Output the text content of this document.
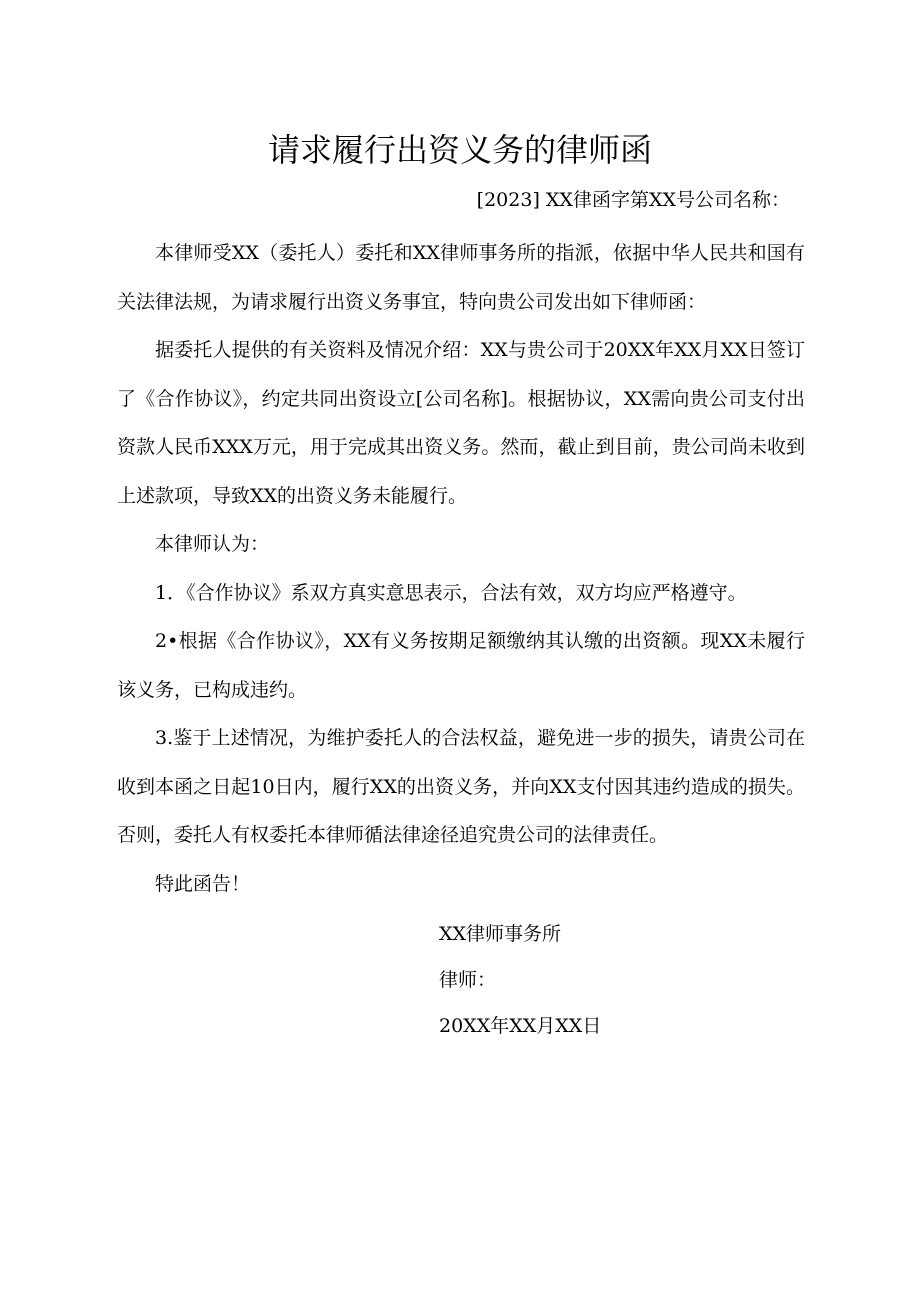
请求履行出资义务的律师函

[2023] XX律函字第XX号公司名称：

本律师受XX（委托人）委托和XX律师事务所的指派，依据中华人民共和国有关法律法规，为请求履行出资义务事宜，特向贵公司发出如下律师函：

据委托人提供的有关资料及情况介绍：XX与贵公司于20XX年XX月XX日签订了《合作协议》，约定共同出资设立[公司名称]。根据协议，XX需向贵公司支付出资款人民币XXX万元，用于完成其出资义务。然而，截止到目前，贵公司尚未收到上述款项，导致XX的出资义务未能履行。

本律师认为：

1．《合作协议》系双方真实意思表示，合法有效，双方均应严格遵守。

2•根据《合作协议》，XX有义务按期足额缴纳其认缴的出资额。现XX未履行该义务，已构成违约。

3.鉴于上述情况，为维护委托人的合法权益，避免进一步的损失，请贵公司在收到本函之日起10日内，履行XX的出资义务，并向XX支付因其违约造成的损失。否则，委托人有权委托本律师循法律途径追究贵公司的法律责任。

特此函告！

XX律师事务所

律师：

20XX年XX月XX日
